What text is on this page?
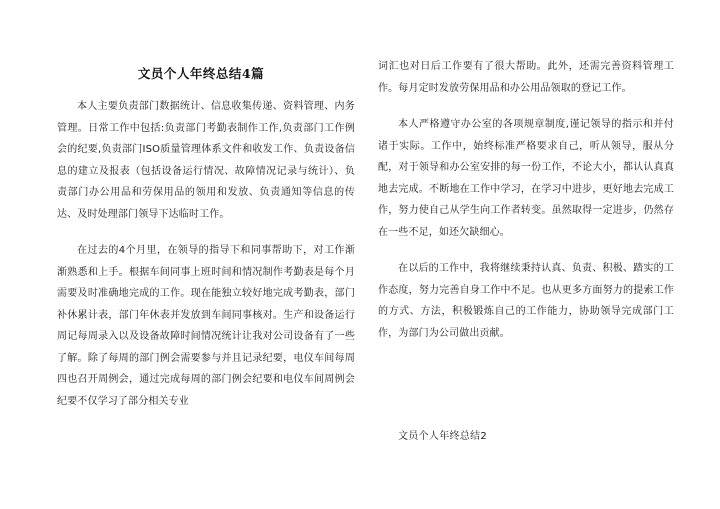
文员个人年终总结4篇

本人主要负责部门数据统计、信息收集传递、资料管理、内务管理。日常工作中包括:负责部门考勤表制作工作,负责部门工作例会的纪要,负责部门ISO质量管理体系文件和收发工作、负责设备信息的建立及报表（包括设备运行情况、故障情况记录与统计）、负责部门办公用品和劳保用品的领用和发放、负责通知等信息的传达、及时处理部门领导下达临时工作。

在过去的4个月里，在领导的指导下和同事帮助下，对工作渐渐熟悉和上手。根据车间同事上班时间和情况制作考勤表是每个月需要及时准确地完成的工作。现在能独立较好地完成考勤表，部门补休累计表，部门年休表并发放到车间同事核对。生产和设备运行周记每周录入以及设备故障时间情况统计让我对公司设备有了一些了解。除了每周的部门例会需要参与并且记录纪要，电仪车间每周四也召开周例会，通过完成每周的部门例会纪要和电仪车间周例会纪要不仅学习了部分相关专业

词汇也对日后工作要有了很大帮助。此外，还需完善资料管理工作。每月定时发放劳保用品和办公用品领取的登记工作。

本人严格遵守办公室的各项规章制度,谨记领导的指示和并付诸于实际。工作中，始终标准严格要求自己，听从领导，服从分配，对于领导和办公室安排的每一份工作，不论大小，都认认真真地去完成。不断地在工作中学习，在学习中进步，更好地去完成工作，努力使自己从学生向工作者转变。虽然取得一定进步，仍然存在一些不足，如还欠缺细心。

在以后的工作中，我将继续秉持认真、负责、积极、踏实的工作态度，努力完善自身工作中不足。也从更多方面努力的提索工作的方式、方法，积极锻炼自己的工作能力，协助领导完成部门工作，为部门为公司做出贡献。

文员个人年终总结2
